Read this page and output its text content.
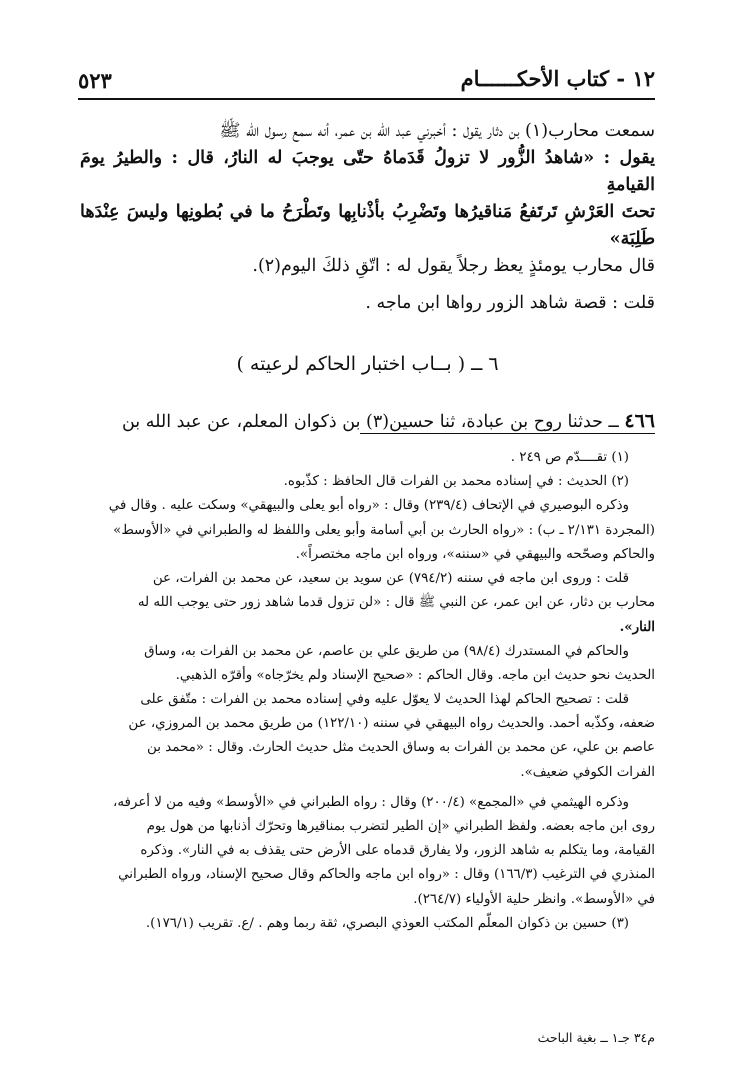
١٢ - كتاب الأحكــــــام
٥٢٣

سمعت محارب(١) بن دثار يقول : أخبرني عبد الله بن عمر، أنه سمع رسول الله ﷺ

يقول : «شاهدُ الزُّور لا تزولُ قَدَماهُ حتّى يوجبَ له النارُ، قال : والطيرُ يومَ القيامةِ

تحتَ العَرْشِ تَرتَفعُ مَناقيرُها وتَضْرِبُ بأذْنابِها وتَطْرَحُ ما في بُطونِها وليسَ عِنْدَها طَلِبَة»

قال محارب يومئذٍ يعظ رجلاً يقول له : اتّقِ ذلكَ اليوم(٢).

قلت : قصة شاهد الزور رواها ابن ماجه .

٦ ــ ( بــاب اختبار الحاكم لرعيته )

٤٦٦ ــ حدثنا روح بن عبادة، ثنا حسين(٣) بن ذكوان المعلم، عن عبد الله بن

(١) تقــــدّم ص ٢٤٩ .

(٢) الحديث : في إسناده محمد بن الفرات قال الحافظ : كذّبوه.

وذكره البوصيري في الإتحاف (٢٣٩/٤) وقال : «رواه أبو يعلى والبيهقي» وسكت عليه . وقال في

(المجردة ٢/١٣١ ـ ب) : «رواه الحارث بن أبي أسامة وأبو يعلى واللفظ له والطبراني في «الأوسط»

والحاكم وصحّحه والبيهقي في «سننه»، ورواه ابن ماجه مختصراً».

قلت : وروى ابن ماجه في سننه (٧٩٤/٢) عن سويد بن سعيد، عن محمد بن الفرات، عن

محارب بن دثار، عن ابن عمر، عن النبي ﷺ قال : «لن تزول قدما شاهد زور حتى يوجب الله له

النار».

والحاكم في المستدرك (٩٨/٤) من طريق علي بن عاصم، عن محمد بن الفرات به، وساق

الحديث نحو حديث ابن ماجه. وقال الحاكم : «صحيح الإسناد ولم يخرّجاه» وأقرّه الذهبي.

قلت : تصحيح الحاكم لهذا الحديث لا يعوّل عليه وفي إسناده محمد بن الفرات : متّفق على

ضعفه، وكذّبه أحمد. والحديث رواه البيهقي في سننه (١٢٢/١٠) من طريق محمد بن المروزي، عن

عاصم بن علي، عن محمد بن الفرات به وساق الحديث مثل حديث الحارث. وقال : «محمد بن

الفرات الكوفي ضعيف».

وذكره الهيثمي في «المجمع» (٢٠٠/٤) وقال : رواه الطبراني في «الأوسط» وفيه من لا أعرفه،

روى ابن ماجه بعضه. ولفظ الطبراني «إن الطير لتضرب بمناقيرها وتحرّك أذنابها من هول يوم

القيامة، وما يتكلم به شاهد الزور، ولا يفارق قدماه على الأرض حتى يقذف به في النار». وذكره

المنذري في الترغيب (١٦٦/٣) وقال : «رواه ابن ماجه والحاكم وقال صحيح الإسناد، ورواه الطبراني

في «الأوسط». وانظر حلية الأولياء (٢٦٤/٧).

(٣) حسين بن ذكوان المعلّم المكتب العوذي البصري، ثقة ربما وهم . /ع. تقريب (١٧٦/١).

م٣٤ جـ١ ــ بغية الباحث
